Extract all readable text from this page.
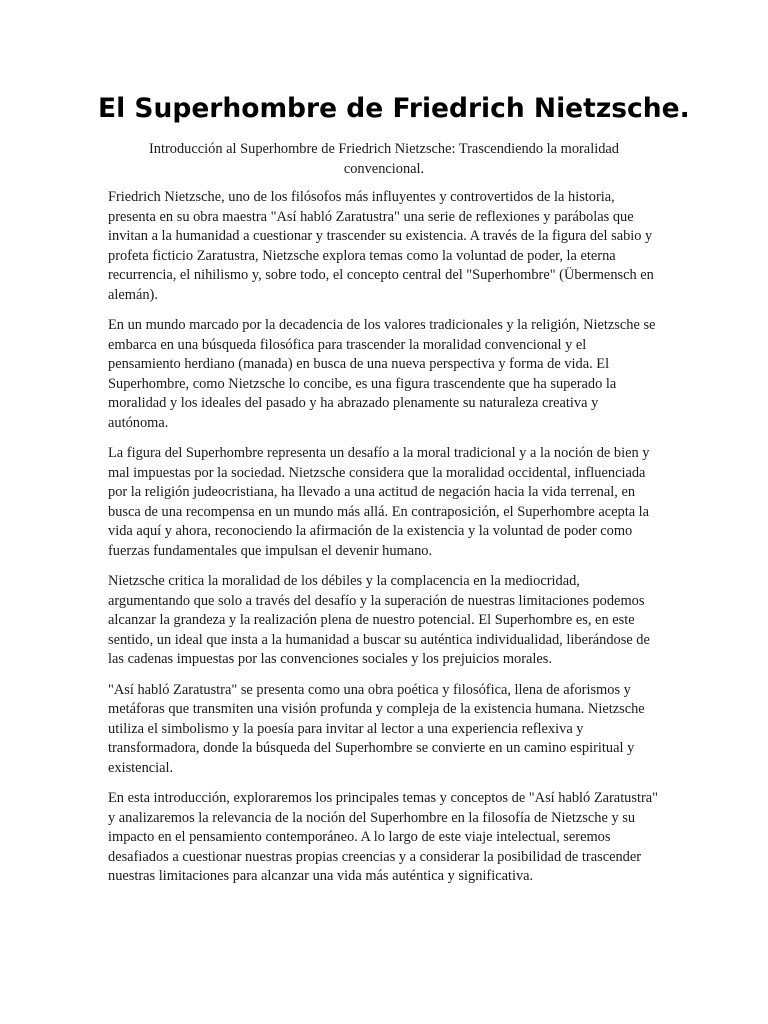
El Superhombre de Friedrich Nietzsche.

Introducción al Superhombre de Friedrich Nietzsche: Trascendiendo la moralidad convencional.

Friedrich Nietzsche, uno de los filósofos más influyentes y controvertidos de la historia, presenta en su obra maestra "Así habló Zaratustra" una serie de reflexiones y parábolas que invitan a la humanidad a cuestionar y trascender su existencia. A través de la figura del sabio y profeta ficticio Zaratustra, Nietzsche explora temas como la voluntad de poder, la eterna recurrencia, el nihilismo y, sobre todo, el concepto central del "Superhombre" (Übermensch en alemán).

En un mundo marcado por la decadencia de los valores tradicionales y la religión, Nietzsche se embarca en una búsqueda filosófica para trascender la moralidad convencional y el pensamiento herdiano (manada) en busca de una nueva perspectiva y forma de vida. El Superhombre, como Nietzsche lo concibe, es una figura trascendente que ha superado la moralidad y los ideales del pasado y ha abrazado plenamente su naturaleza creativa y autónoma.

La figura del Superhombre representa un desafío a la moral tradicional y a la noción de bien y mal impuestas por la sociedad. Nietzsche considera que la moralidad occidental, influenciada por la religión judeocristiana, ha llevado a una actitud de negación hacia la vida terrenal, en busca de una recompensa en un mundo más allá. En contraposición, el Superhombre acepta la vida aquí y ahora, reconociendo la afirmación de la existencia y la voluntad de poder como fuerzas fundamentales que impulsan el devenir humano.

Nietzsche critica la moralidad de los débiles y la complacencia en la mediocridad, argumentando que solo a través del desafío y la superación de nuestras limitaciones podemos alcanzar la grandeza y la realización plena de nuestro potencial. El Superhombre es, en este sentido, un ideal que insta a la humanidad a buscar su auténtica individualidad, liberándose de las cadenas impuestas por las convenciones sociales y los prejuicios morales.

"Así habló Zaratustra" se presenta como una obra poética y filosófica, llena de aforismos y metáforas que transmiten una visión profunda y compleja de la existencia humana. Nietzsche utiliza el simbolismo y la poesía para invitar al lector a una experiencia reflexiva y transformadora, donde la búsqueda del Superhombre se convierte en un camino espiritual y existencial.

En esta introducción, exploraremos los principales temas y conceptos de "Así habló Zaratustra" y analizaremos la relevancia de la noción del Superhombre en la filosofía de Nietzsche y su impacto en el pensamiento contemporáneo. A lo largo de este viaje intelectual, seremos desafiados a cuestionar nuestras propias creencias y a considerar la posibilidad de trascender nuestras limitaciones para alcanzar una vida más auténtica y significativa.
